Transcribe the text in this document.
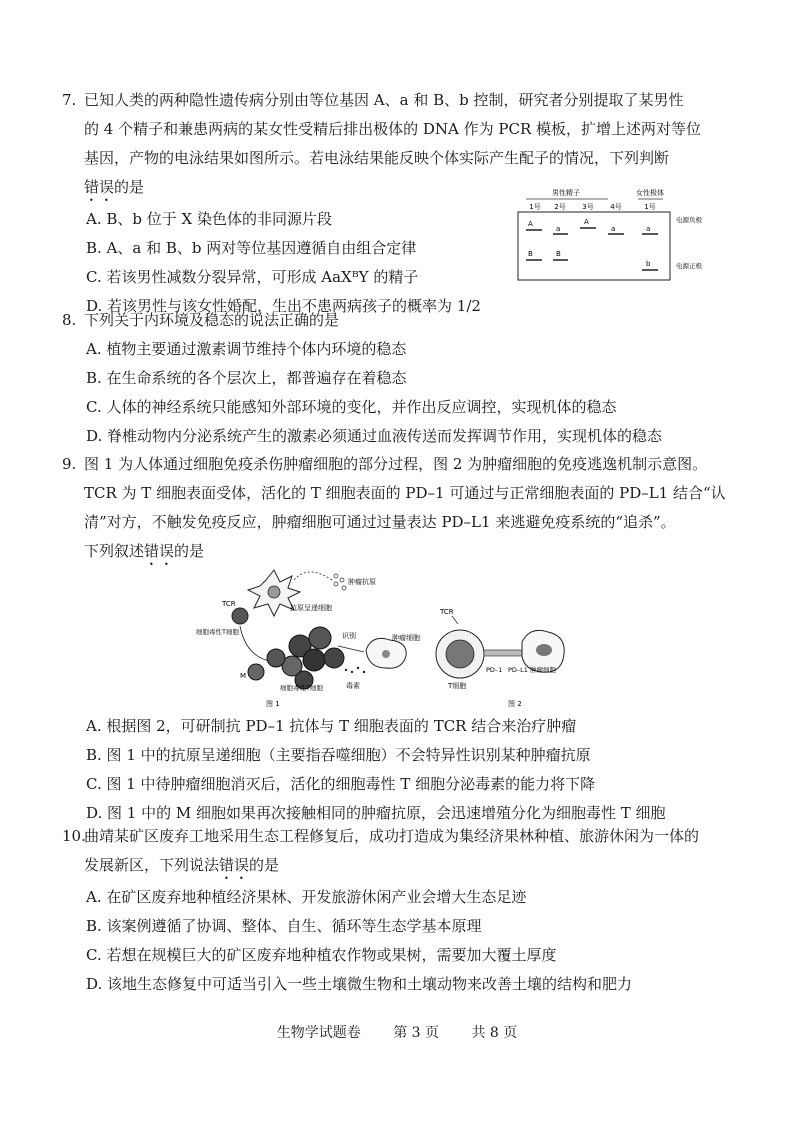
7. 已知人类的两种隐性遗传病分别由等位基因 A、a 和 B、b 控制，研究者分别提取了某男性
的 4 个精子和兼患两病的某女性受精后排出极体的 DNA 作为 PCR 模板，扩增上述两对等位
基因，产物的电泳结果如图所示。若电泳结果能反映个体实际产生配子的情况，下列判断
错误的是
A. B、b 位于 X 染色体的非同源片段
B. A、a 和 B、b 两对等位基因遵循自由组合定律
C. 若该男性减数分裂异常，可形成 AaXᴮY 的精子
D. 若该男性与该女性婚配，生出不患两病孩子的概率为 1/2
男性精子	女性极体
1号 2号 3号 4号	1号
电源负极
电源正极
A
a
A
a	a
B	B
b
8. 下列关于内环境及稳态的说法正确的是
A. 植物主要通过激素调节维持个体内环境的稳态
B. 在生命系统的各个层次上，都普遍存在着稳态
C. 人体的神经系统只能感知外部环境的变化，并作出反应调控，实现机体的稳态
D. 脊椎动物内分泌系统产生的激素必须通过血液传送而发挥调节作用，实现机体的稳态
9. 图 1 为人体通过细胞免疫杀伤肿瘤细胞的部分过程，图 2 为肿瘤细胞的免疫逃逸机制示意图。
TCR 为 T 细胞表面受体，活化的 T 细胞表面的 PD–1 可通过与正常细胞表面的 PD–L1 结合“认
清”对方，不触发免疫反应，肿瘤细胞可通过过量表达 PD–L1 来逃避免疫系统的“追杀”。
下列叙述错误的是
抗原呈递细胞
肿瘤抗原
TCR
细胞毒性T细胞
M
细胞毒性T细胞
识别	肿瘤细胞
毒素
图 1
TCR
PD–1 PD–L1
T细胞
肿瘤细胞
图 2
A. 根据图 2，可研制抗 PD–1 抗体与 T 细胞表面的 TCR 结合来治疗肿瘤
B. 图 1 中的抗原呈递细胞（主要指吞噬细胞）不会特异性识别某种肿瘤抗原
C. 图 1 中待肿瘤细胞消灭后，活化的细胞毒性 T 细胞分泌毒素的能力将下降
D. 图 1 中的 M 细胞如果再次接触相同的肿瘤抗原，会迅速增殖分化为细胞毒性 T 细胞
10.曲靖某矿区废弃工地采用生态工程修复后，成功打造成为集经济果林种植、旅游休闲为一体的
发展新区，下列说法错误的是
A. 在矿区废弃地种植经济果林、开发旅游休闲产业会增大生态足迹
B. 该案例遵循了协调、整体、自生、循环等生态学基本原理
C. 若想在规模巨大的矿区废弃地种植农作物或果树，需要加大覆土厚度
D. 该地生态修复中可适当引入一些土壤微生物和土壤动物来改善土壤的结构和肥力
生物学试题卷 第 3 页 共 8 页
